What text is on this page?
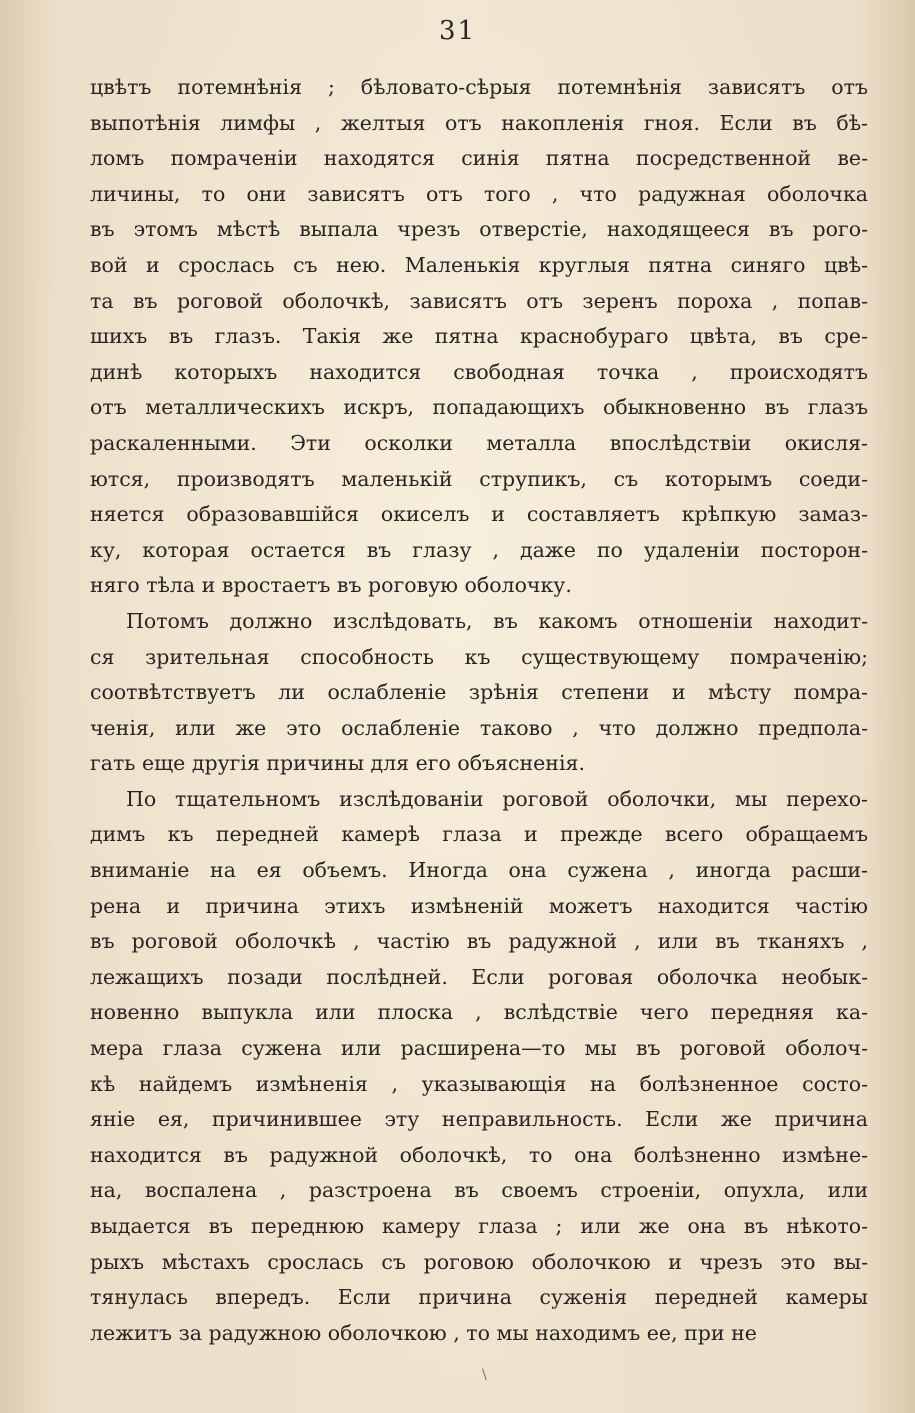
31
цвѣтъ потемнѣнія ; бѣловато-сѣрыя потемнѣнія зависятъ отъ
выпотѣнія лимфы , желтыя отъ накопленія гноя. Если въ бѣ-
ломъ помраченіи находятся синія пятна посредственной ве-
личины, то они зависятъ отъ того , что радужная оболочка
въ этомъ мѣстѣ выпала чрезъ отверстіе, находящееся въ рого-
вой и срослась съ нею. Маленькія круглыя пятна синяго цвѣ-
та въ роговой оболочкѣ, зависятъ отъ зеренъ пороха , попав-
шихъ въ глазъ. Такія же пятна краснобураго цвѣта, въ сре-
динѣ которыхъ находится свободная точка , происходятъ
отъ металлическихъ искръ, попадающихъ обыкновенно въ глазъ
раскаленными. Эти осколки металла впослѣдствіи окисля-
ются, производятъ маленькій струпикъ, съ которымъ соеди-
няется образовавшійся окиселъ и составляетъ крѣпкую замаз-
ку, которая остается въ глазу , даже по удаленіи посторон-
няго тѣла и вростаетъ въ роговую оболочку.
Потомъ должно изслѣдовать, въ какомъ отношеніи находит-
ся зрительная способность къ существующему помраченію;
соотвѣтствуетъ ли ослабленіе зрѣнія степени и мѣсту помра-
ченія, или же это ослабленіе таково , что должно предпола-
гать еще другія причины для его объясненія.
По тщательномъ изслѣдованіи роговой оболочки, мы перехо-
димъ къ передней камерѣ глаза и прежде всего обращаемъ
вниманіе на ея объемъ. Иногда она сужена , иногда расши-
рена и причина этихъ измѣненій можетъ находится частію
въ роговой оболочкѣ , частію въ радужной , или въ тканяхъ ,
лежащихъ позади послѣдней. Если роговая оболочка необык-
новенно выпукла или плоска , вслѣдствіе чего передняя ка-
мера глаза сужена или расширена—то мы въ роговой оболоч-
кѣ найдемъ измѣненія , указывающія на болѣзненное состо-
яніе ея, причинившее эту неправильность. Если же причина
находится въ радужной оболочкѣ, то она болѣзненно измѣне-
на, воспалена , разстроена въ своемъ строеніи, опухла, или
выдается въ переднюю камеру глаза ; или же она въ нѣкото-
рыхъ мѣстахъ срослась съ роговою оболочкою и чрезъ это вы-
тянулась впередъ. Если причина суженія передней камеры
лежитъ за радужною оболочкою , то мы находимъ ее, при не
\
